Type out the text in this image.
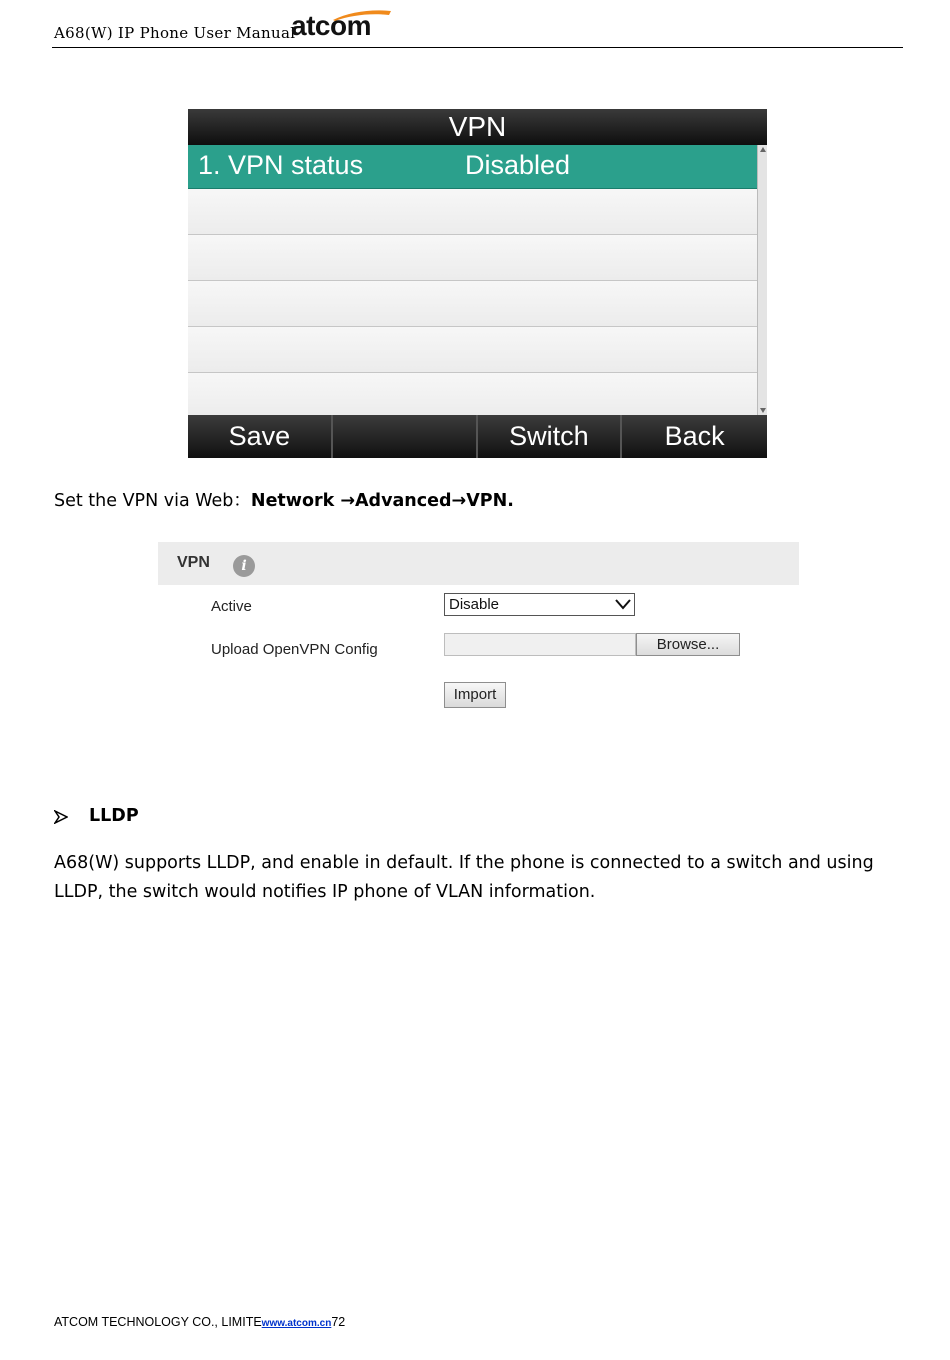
A68(W) IP Phone User Manual
atcom
VPN
1. VPN status	Disabled
Save	Switch	Back
Set the VPN via Web：Network →Advanced→VPN.
VPN	i
Active	Disable
Upload OpenVPN Config	Browse...
Import
LLDP
A68(W) supports LLDP, and enable in default. If the phone is connected to a switch and using
LLDP, the switch would notifies IP phone of VLAN information.
ATCOM TECHNOLOGY CO., LIMITEwww.atcom.cn72
